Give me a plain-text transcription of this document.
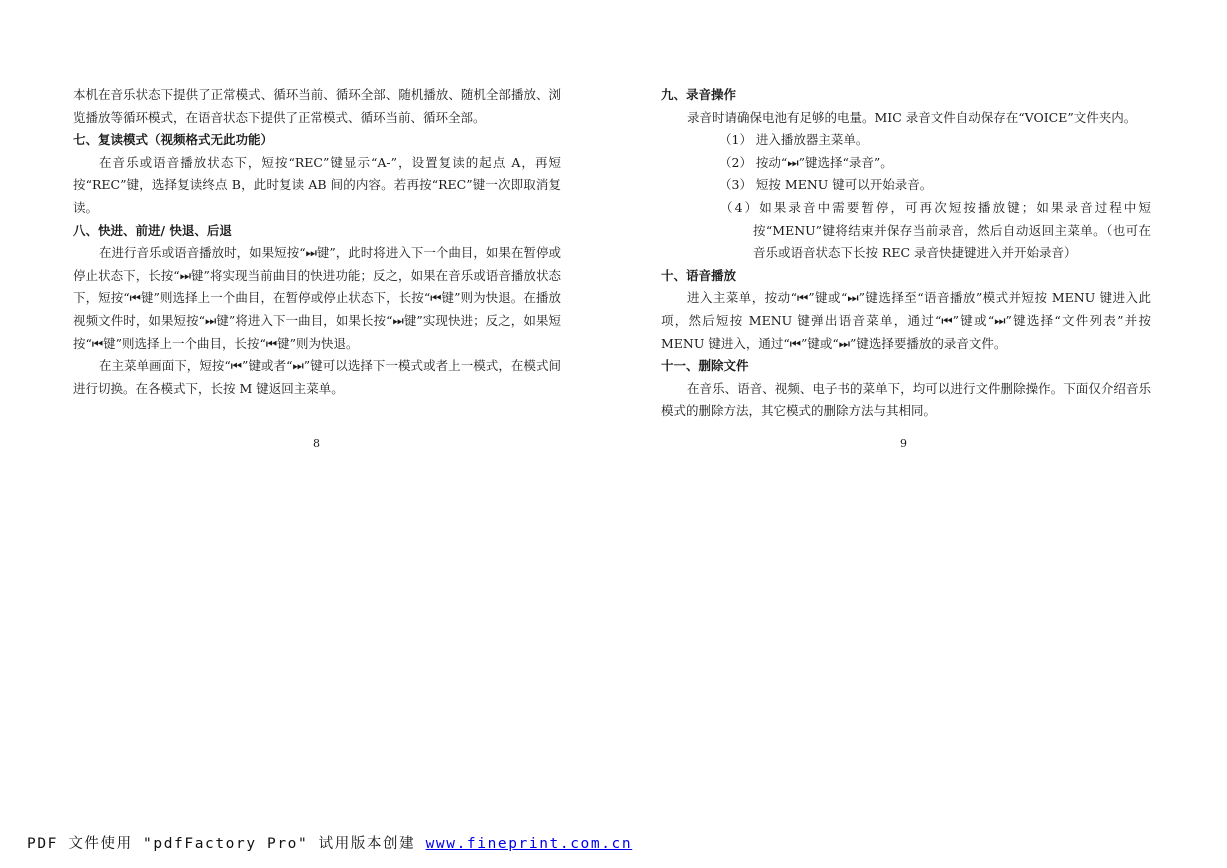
本机在音乐状态下提供了正常模式、循环当前、循环全部、随机播放、随机全部播放、浏览播放等循环模式，在语音状态下提供了正常模式、循环当前、循环全部。

七、复读模式（视频格式无此功能）

在音乐或语音播放状态下，短按“REC”键显示“A-”，设置复读的起点 A，再短按“REC”键，选择复读终点 B，此时复读 AB 间的内容。若再按“REC”键一次即取消复读。

八、快进、前进/ 快退、后退

在进行音乐或语音播放时，如果短按“⏭键”，此时将进入下一个曲目，如果在暂停或停止状态下，长按“⏭键”将实现当前曲目的快进功能；反之，如果在音乐或语音播放状态下，短按“⏮键”则选择上一个曲目，在暂停或停止状态下，长按“⏮键”则为快退。在播放视频文件时，如果短按“⏭键”将进入下一曲目，如果长按“⏭键”实现快进；反之，如果短按“⏮键”则选择上一个曲目，长按“⏮键”则为快退。

在主菜单画面下，短按“⏮”键或者“⏭”键可以选择下一模式或者上一模式，在模式间进行切换。在各模式下，长按 M 键返回主菜单。

8

九、录音操作

录音时请确保电池有足够的电量。MIC 录音文件自动保存在“VOICE”文件夹内。

（1） 进入播放器主菜单。

（2） 按动“⏭”键选择“录音”。

（3） 短按 MENU 键可以开始录音。

（4）如果录音中需要暂停，可再次短按播放键；如果录音过程中短按“MENU”键将结束并保存当前录音，然后自动返回主菜单。（也可在音乐或语音状态下长按 REC 录音快捷键进入并开始录音）

十、语音播放

进入主菜单，按动“⏮”键或“⏭”键选择至“语音播放”模式并短按 MENU 键进入此项，然后短按 MENU 键弹出语音菜单，通过“⏮”键或“⏭”键选择“文件列表”并按 MENU 键进入，通过“⏮”键或“⏭”键选择要播放的录音文件。

十一、删除文件

在音乐、语音、视频、电子书的菜单下，均可以进行文件删除操作。下面仅介绍音乐模式的删除方法，其它模式的删除方法与其相同。

9
PDF 文件使用 "pdfFactory Pro" 试用版本创建 www.fineprint.com.cn
